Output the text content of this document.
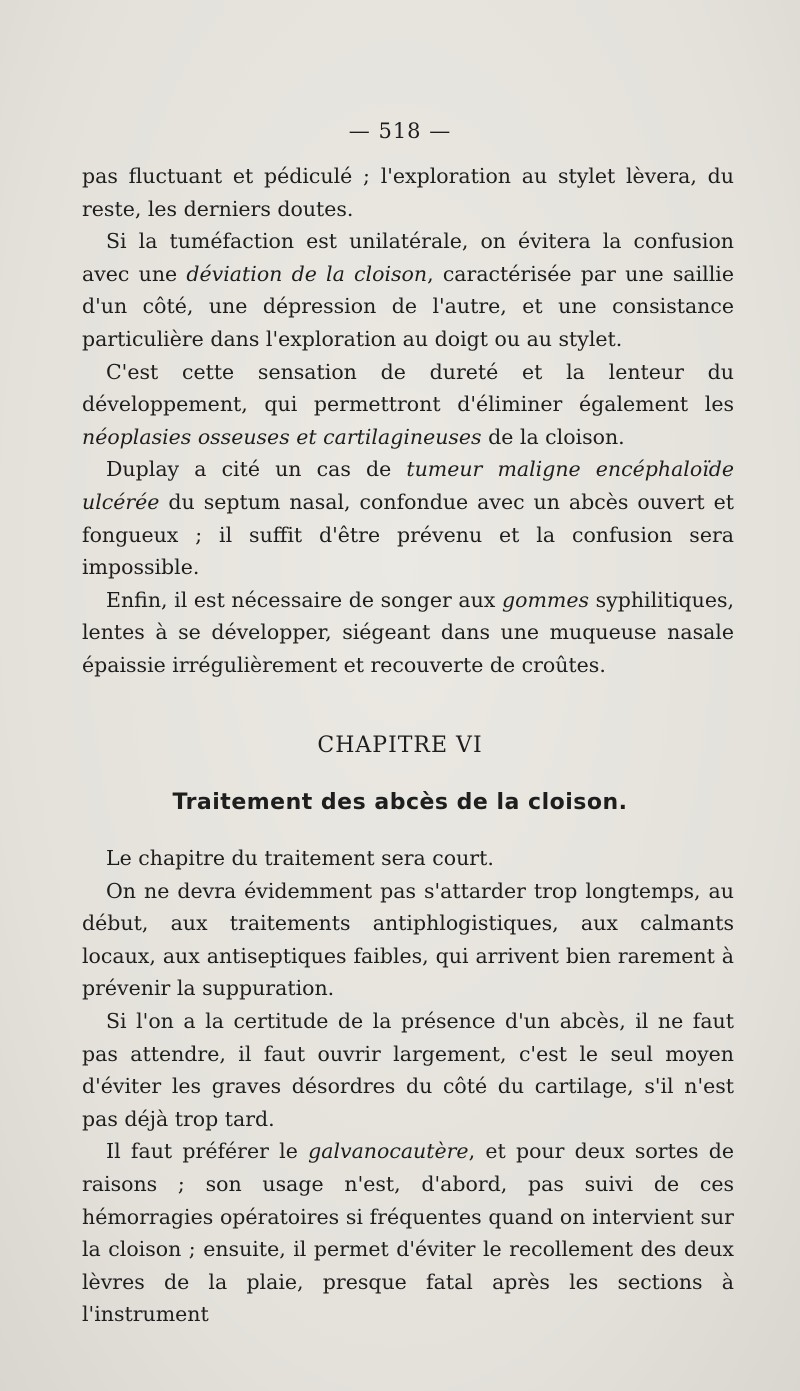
— 518 —

pas fluctuant et pédiculé ; l'exploration au stylet lèvera, du reste, les derniers doutes.

Si la tuméfaction est unilatérale, on évitera la confusion avec une déviation de la cloison, caractérisée par une saillie d'un côté, une dépression de l'autre, et une consistance particulière dans l'exploration au doigt ou au stylet.

C'est cette sensation de dureté et la lenteur du développement, qui permettront d'éliminer également les néoplasies osseuses et cartilagineuses de la cloison.

Duplay a cité un cas de tumeur maligne encéphaloïde ulcérée du septum nasal, confondue avec un abcès ouvert et fongueux ; il suffit d'être prévenu et la confusion sera impossible.

Enfin, il est nécessaire de songer aux gommes syphilitiques, lentes à se développer, siégeant dans une muqueuse nasale épaissie irrégulièrement et recouverte de croûtes.

CHAPITRE VI
Traitement des abcès de la cloison.

Le chapitre du traitement sera court.

On ne devra évidemment pas s'attarder trop longtemps, au début, aux traitements antiphlogistiques, aux calmants locaux, aux antiseptiques faibles, qui arrivent bien rarement à prévenir la suppuration.

Si l'on a la certitude de la présence d'un abcès, il ne faut pas attendre, il faut ouvrir largement, c'est le seul moyen d'éviter les graves désordres du côté du cartilage, s'il n'est pas déjà trop tard.

Il faut préférer le galvanocautère, et pour deux sortes de raisons ; son usage n'est, d'abord, pas suivi de ces hémorragies opératoires si fréquentes quand on intervient sur la cloison ; ensuite, il permet d'éviter le recollement des deux lèvres de la plaie, presque fatal après les sections à l'instrument
